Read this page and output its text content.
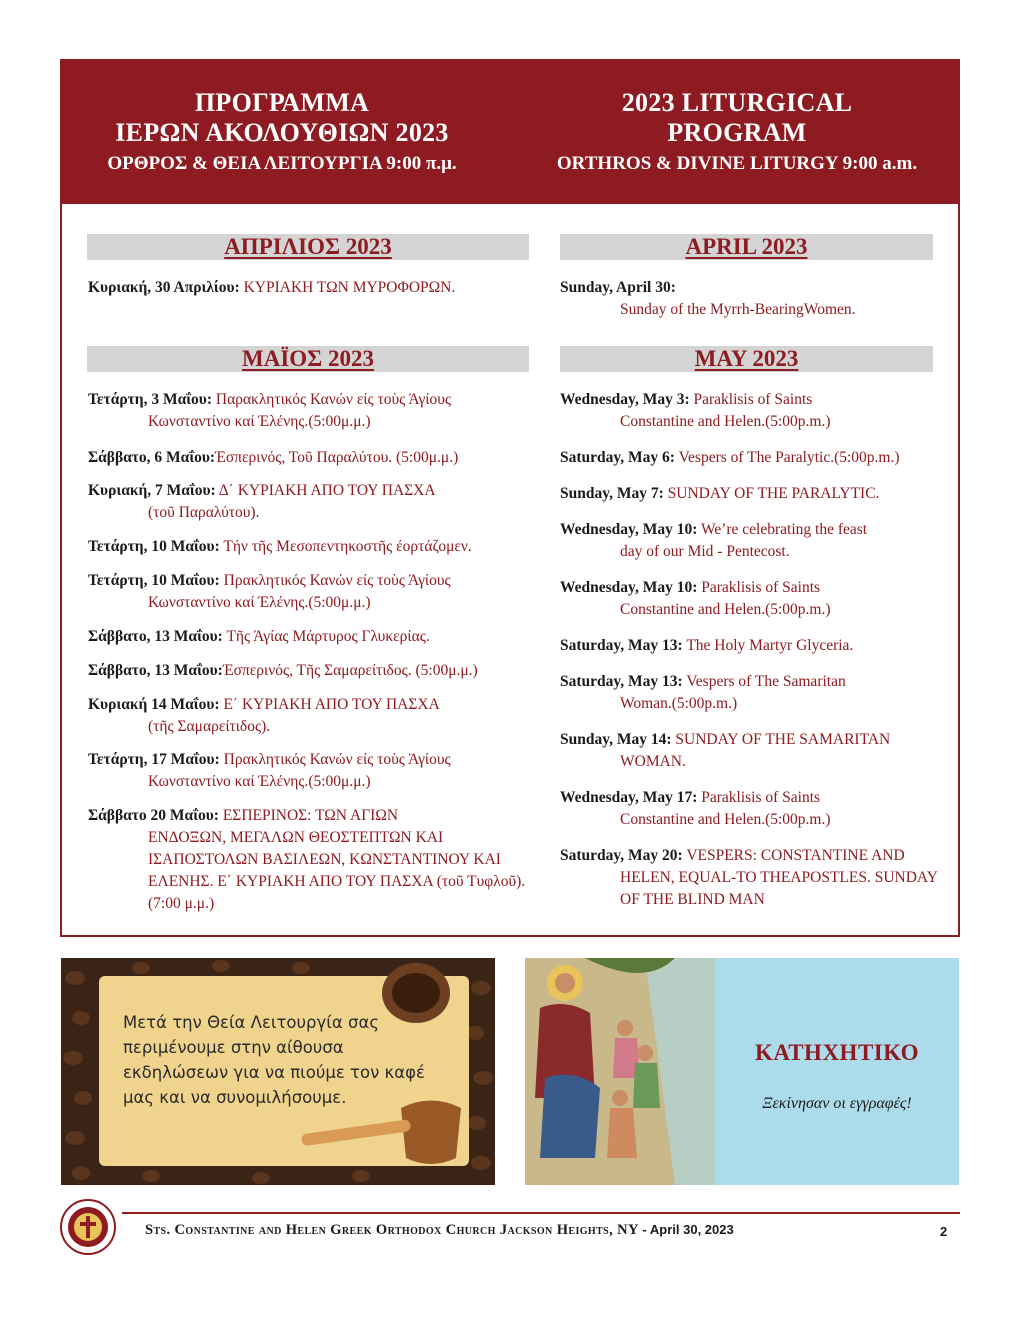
ΠΡΟΓΡΑΜΜΑ
ΙΕΡΩΝ ΑΚΟΛΟΥΘΙΩΝ 2023
ΟΡΘΡΟΣ & ΘΕΙΑ ΛΕΙΤΟΥΡΓΙΑ 9:00 π.μ.
2023 LITURGICAL
PROGRAM
ORTHROS & DIVINE LITURGY 9:00 a.m.
ΑΠΡΙΛΙΟΣ 2023
Κυριακή, 30 Απριλίου: ΚΥΡΙΑΚΗ ΤΩΝ ΜΥΡΟΦΟΡΩΝ.
ΜΑΪΟΣ 2023
Τετάρτη, 3 Μαΐου: Παρακλητικός Κανών είς τοὺς Άγίους
Κωνσταντίνο καί Έλένης.(5:00μ.μ.)
Σάββατο, 6 Μαΐου:Έσπερινός, Τοῦ Παραλύτου. (5:00μ.μ.)
Κυριακή, 7 Μαΐου: Δ΄ ΚΥΡΙΑΚΗ ΑΠΟ ΤΟΥ ΠΑΣΧΑ
(τοῦ Παραλύτου).
Τετάρτη, 10 Μαΐου: Τήν τῆς Μεσοπεντηκοστῆς έορτάζομεν.
Τετάρτη, 10 Μαΐου: Πρακλητικός Κανών είς τοὺς Άγίους
Κωνσταντίνο καί Έλένης.(5:00μ.μ.)
Σάββατο, 13 Μαΐου: Τῆς Άγίας Μάρτυρος Γλυκερίας.
Σάββατο, 13 Μαΐου:Έσπερινός, Τῆς Σαμαρείτιδος. (5:00μ.μ.)
Κυριακή 14 Μαΐου: Ε΄ ΚΥΡΙΑΚΗ ΑΠΟ ΤΟΥ ΠΑΣΧΑ
(τῆς Σαμαρείτιδος).
Τετάρτη, 17 Μαΐου: Πρακλητικός Κανών είς τοὺς Άγίους
Κωνσταντίνο καί Έλένης.(5:00μ.μ.)
Σάββατο 20 Μαΐου: ΕΣΠΕΡΙΝΟΣ: ΤΩΝ ΑΓΙΩΝ
ΕΝΔΟΞΩΝ, ΜΕΓΑΛΩΝ ΘΕΟΣΤΕΠΤΩΝ ΚΑΙ ΙΣΑΠΟΣΤΟΛΩΝ ΒΑΣΙΛΕΩΝ, ΚΩΝΣΤΑΝΤΙΝΟΥ ΚΑΙ ΕΛΕΝΗΣ. Ε΄ ΚΥΡΙΑΚΗ ΑΠΟ ΤΟΥ ΠΑΣΧΑ (τοῦ Τυφλοῦ). (7:00 μ.μ.)
APRIL 2023
Sunday, April 30:
Sunday of the Myrrh-BearingWomen.
MAY 2023
Wednesday, May 3: Paraklisis of Saints
Constantine and Helen.(5:00p.m.)
Saturday, May 6: Vespers of The Paralytic.(5:00p.m.)
Sunday, May 7: SUNDAY OF THE PARALYTIC.
Wednesday, May 10: We’re celebrating the feast
day of our Mid - Pentecost.
Wednesday, May 10: Paraklisis of Saints
Constantine and Helen.(5:00p.m.)
Saturday, May 13: The Holy Martyr Glyceria.
Saturday, May 13: Vespers of The Samaritan
Woman.(5:00p.m.)
Sunday, May 14: SUNDAY OF THE SAMARITAN
WOMAN.
Wednesday, May 17: Paraklisis of Saints
Constantine and Helen.(5:00p.m.)
Saturday, May 20: VESPERS: CONSTANTINE AND
HELEN, EQUAL-TO THEAPOSTLES. SUNDAY OF THE BLIND MAN
Μετά την Θεία Λειτουργία σας περιμένουμε στην αίθουσα εκδηλώσεων για να πιούμε τον καφέ μας και να συνομιλήσουμε.
ΚΑΤΗΧΗΤΙΚΟ
Ξεκίνησαν οι εγγραφές!
Sts. Constantine and Helen Greek Orthodox Church Jackson Heights, NY - April 30, 2023	2
